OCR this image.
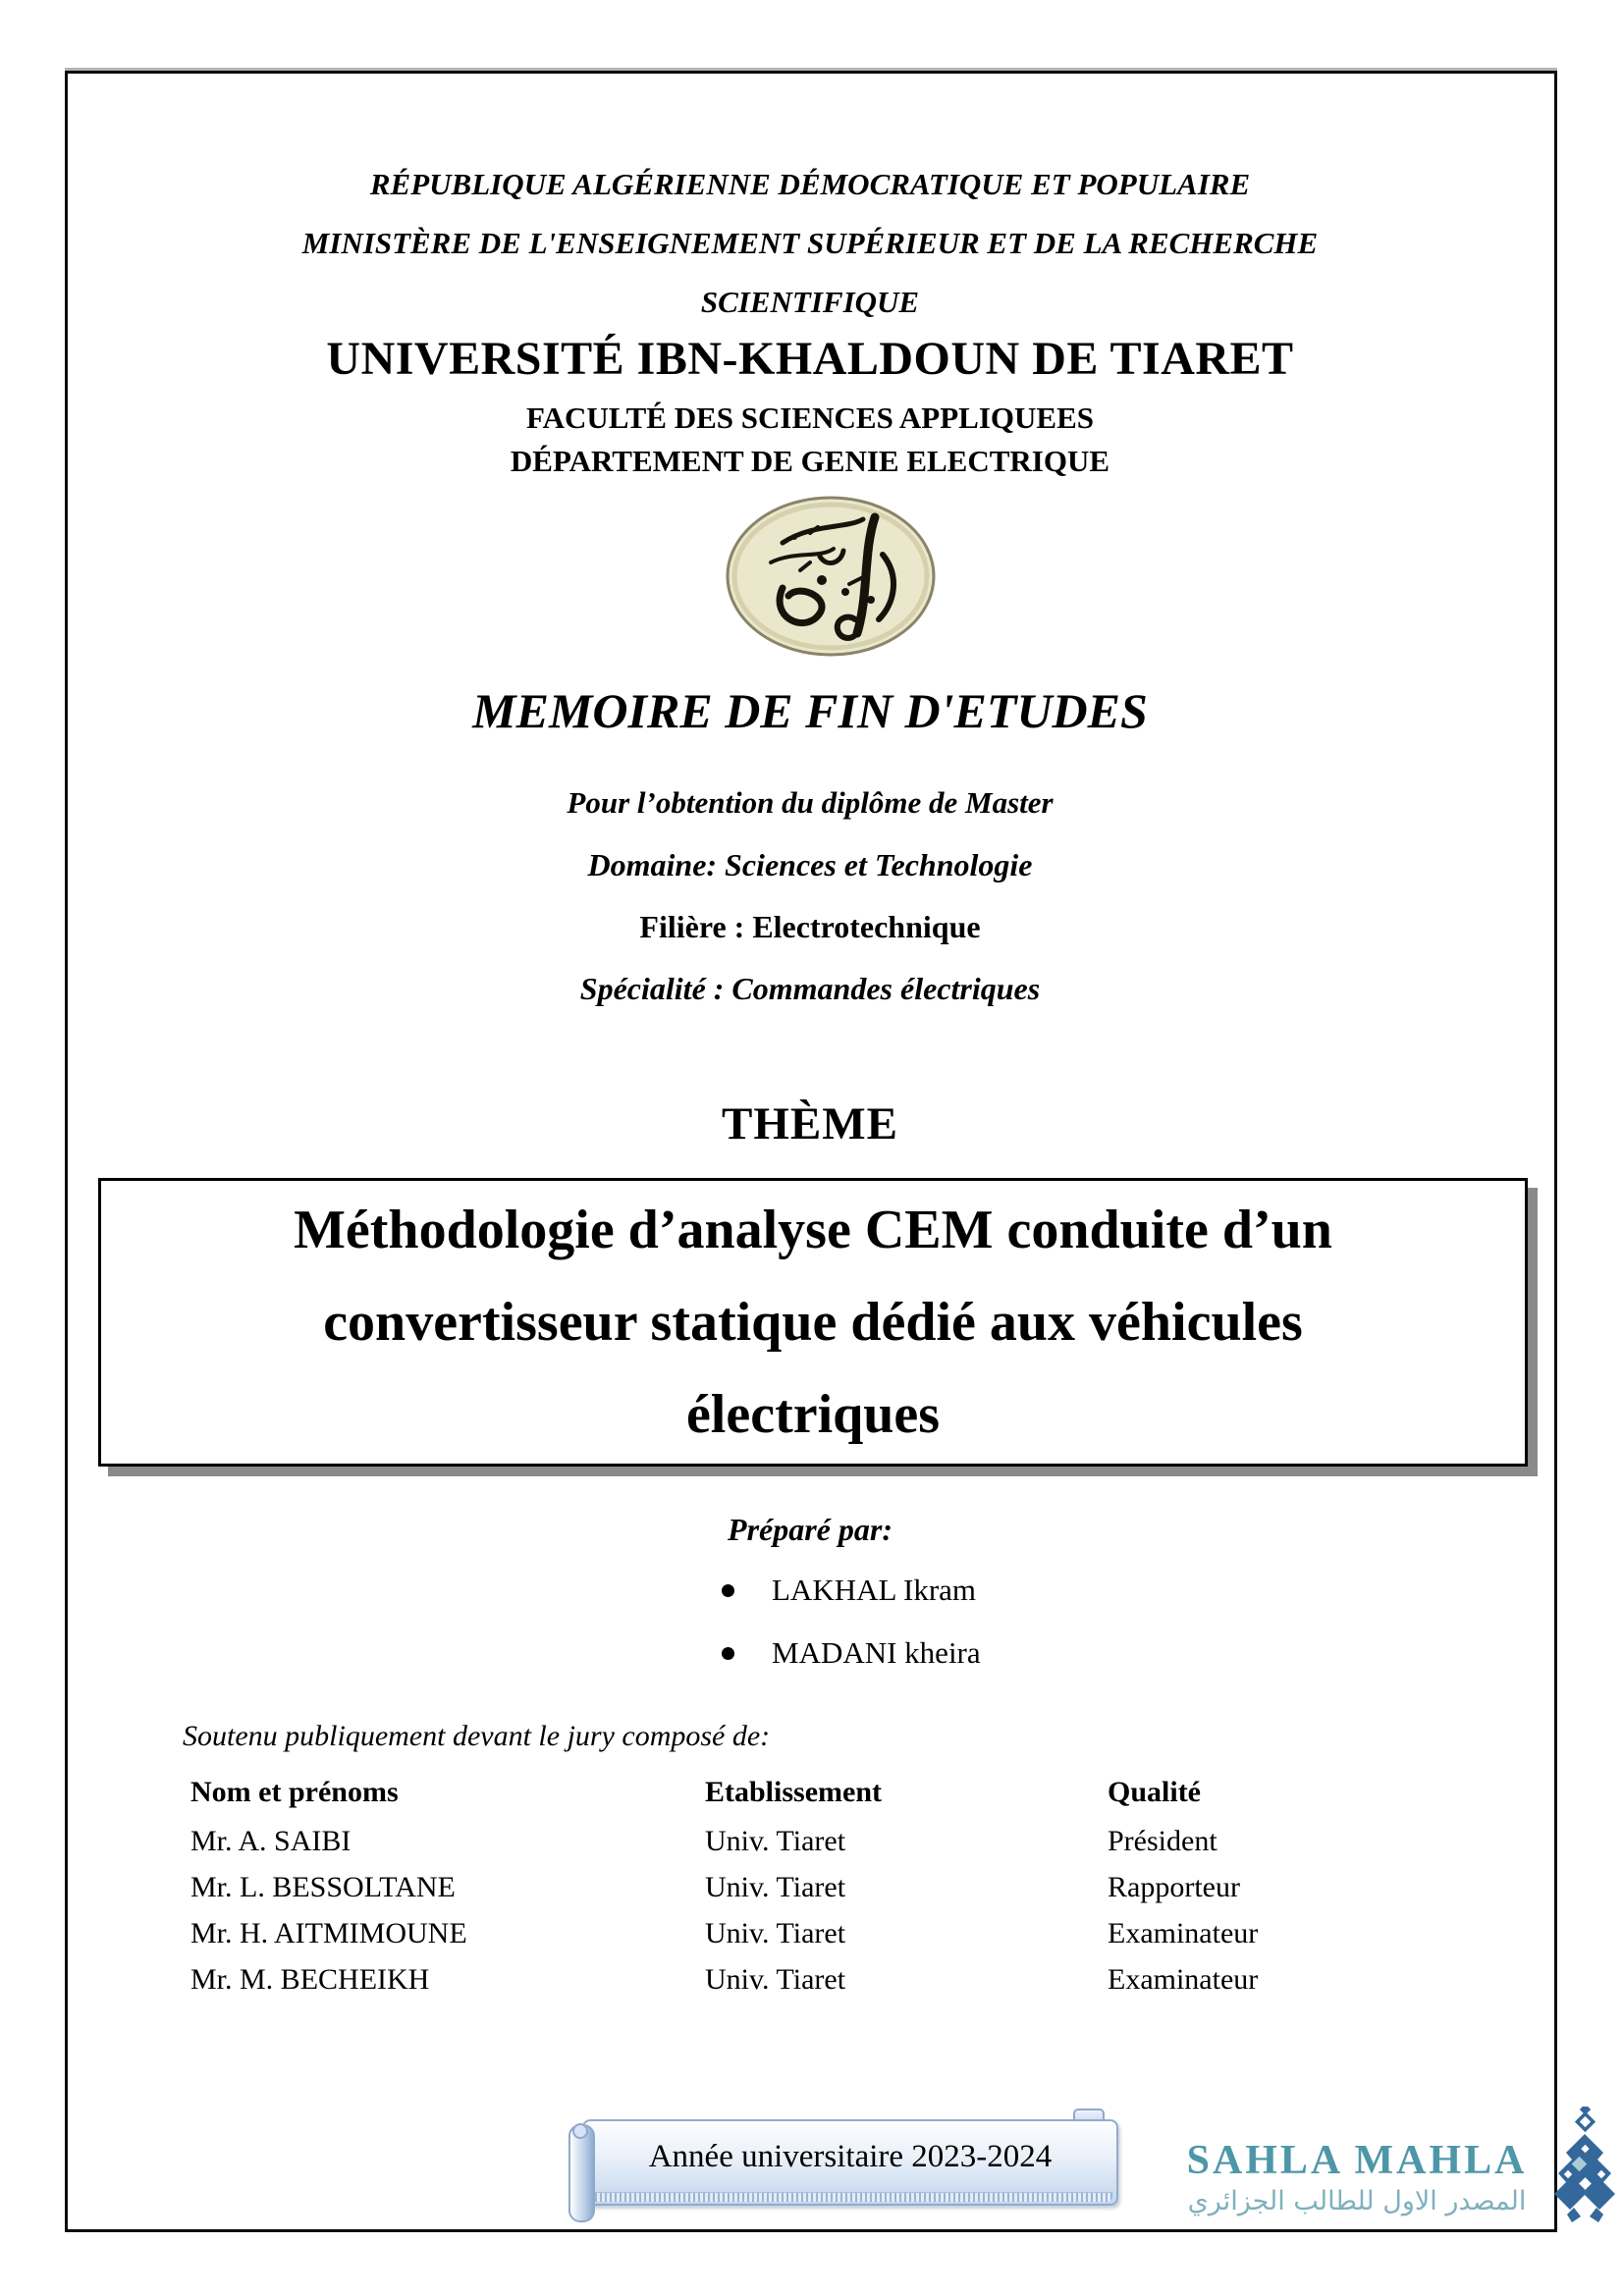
RÉPUBLIQUE ALGÉRIENNE DÉMOCRATIQUE ET POPULAIRE
MINISTÈRE DE L'ENSEIGNEMENT SUPÉRIEUR ET DE LA RECHERCHE
SCIENTIFIQUE
UNIVERSITÉ IBN-KHALDOUN DE TIARET
FACULTÉ DES SCIENCES APPLIQUEES
DÉPARTEMENT DE GENIE ELECTRIQUE
MEMOIRE DE FIN D'ETUDES
Pour l’obtention du diplôme de Master
Domaine: Sciences et Technologie
Filière : Electrotechnique
Spécialité : Commandes électriques
THÈME
Méthodologie d’analyse CEM conduite d’un
convertisseur statique dédié aux véhicules
électriques
Préparé par:
LAKHAL Ikram
MADANI kheira
Soutenu publiquement devant le jury composé de:
Nom et prénoms	Etablissement	Qualité
Mr. A. SAIBI	Univ. Tiaret	Président
Mr. L. BESSOLTANE	Univ. Tiaret	Rapporteur
Mr. H. AITMIMOUNE	Univ. Tiaret	Examinateur
Mr. M. BECHEIKH	Univ. Tiaret	Examinateur
Année universitaire 2023-2024	SAHLA MAHLA
المصدر الاول للطالب الجزائري
